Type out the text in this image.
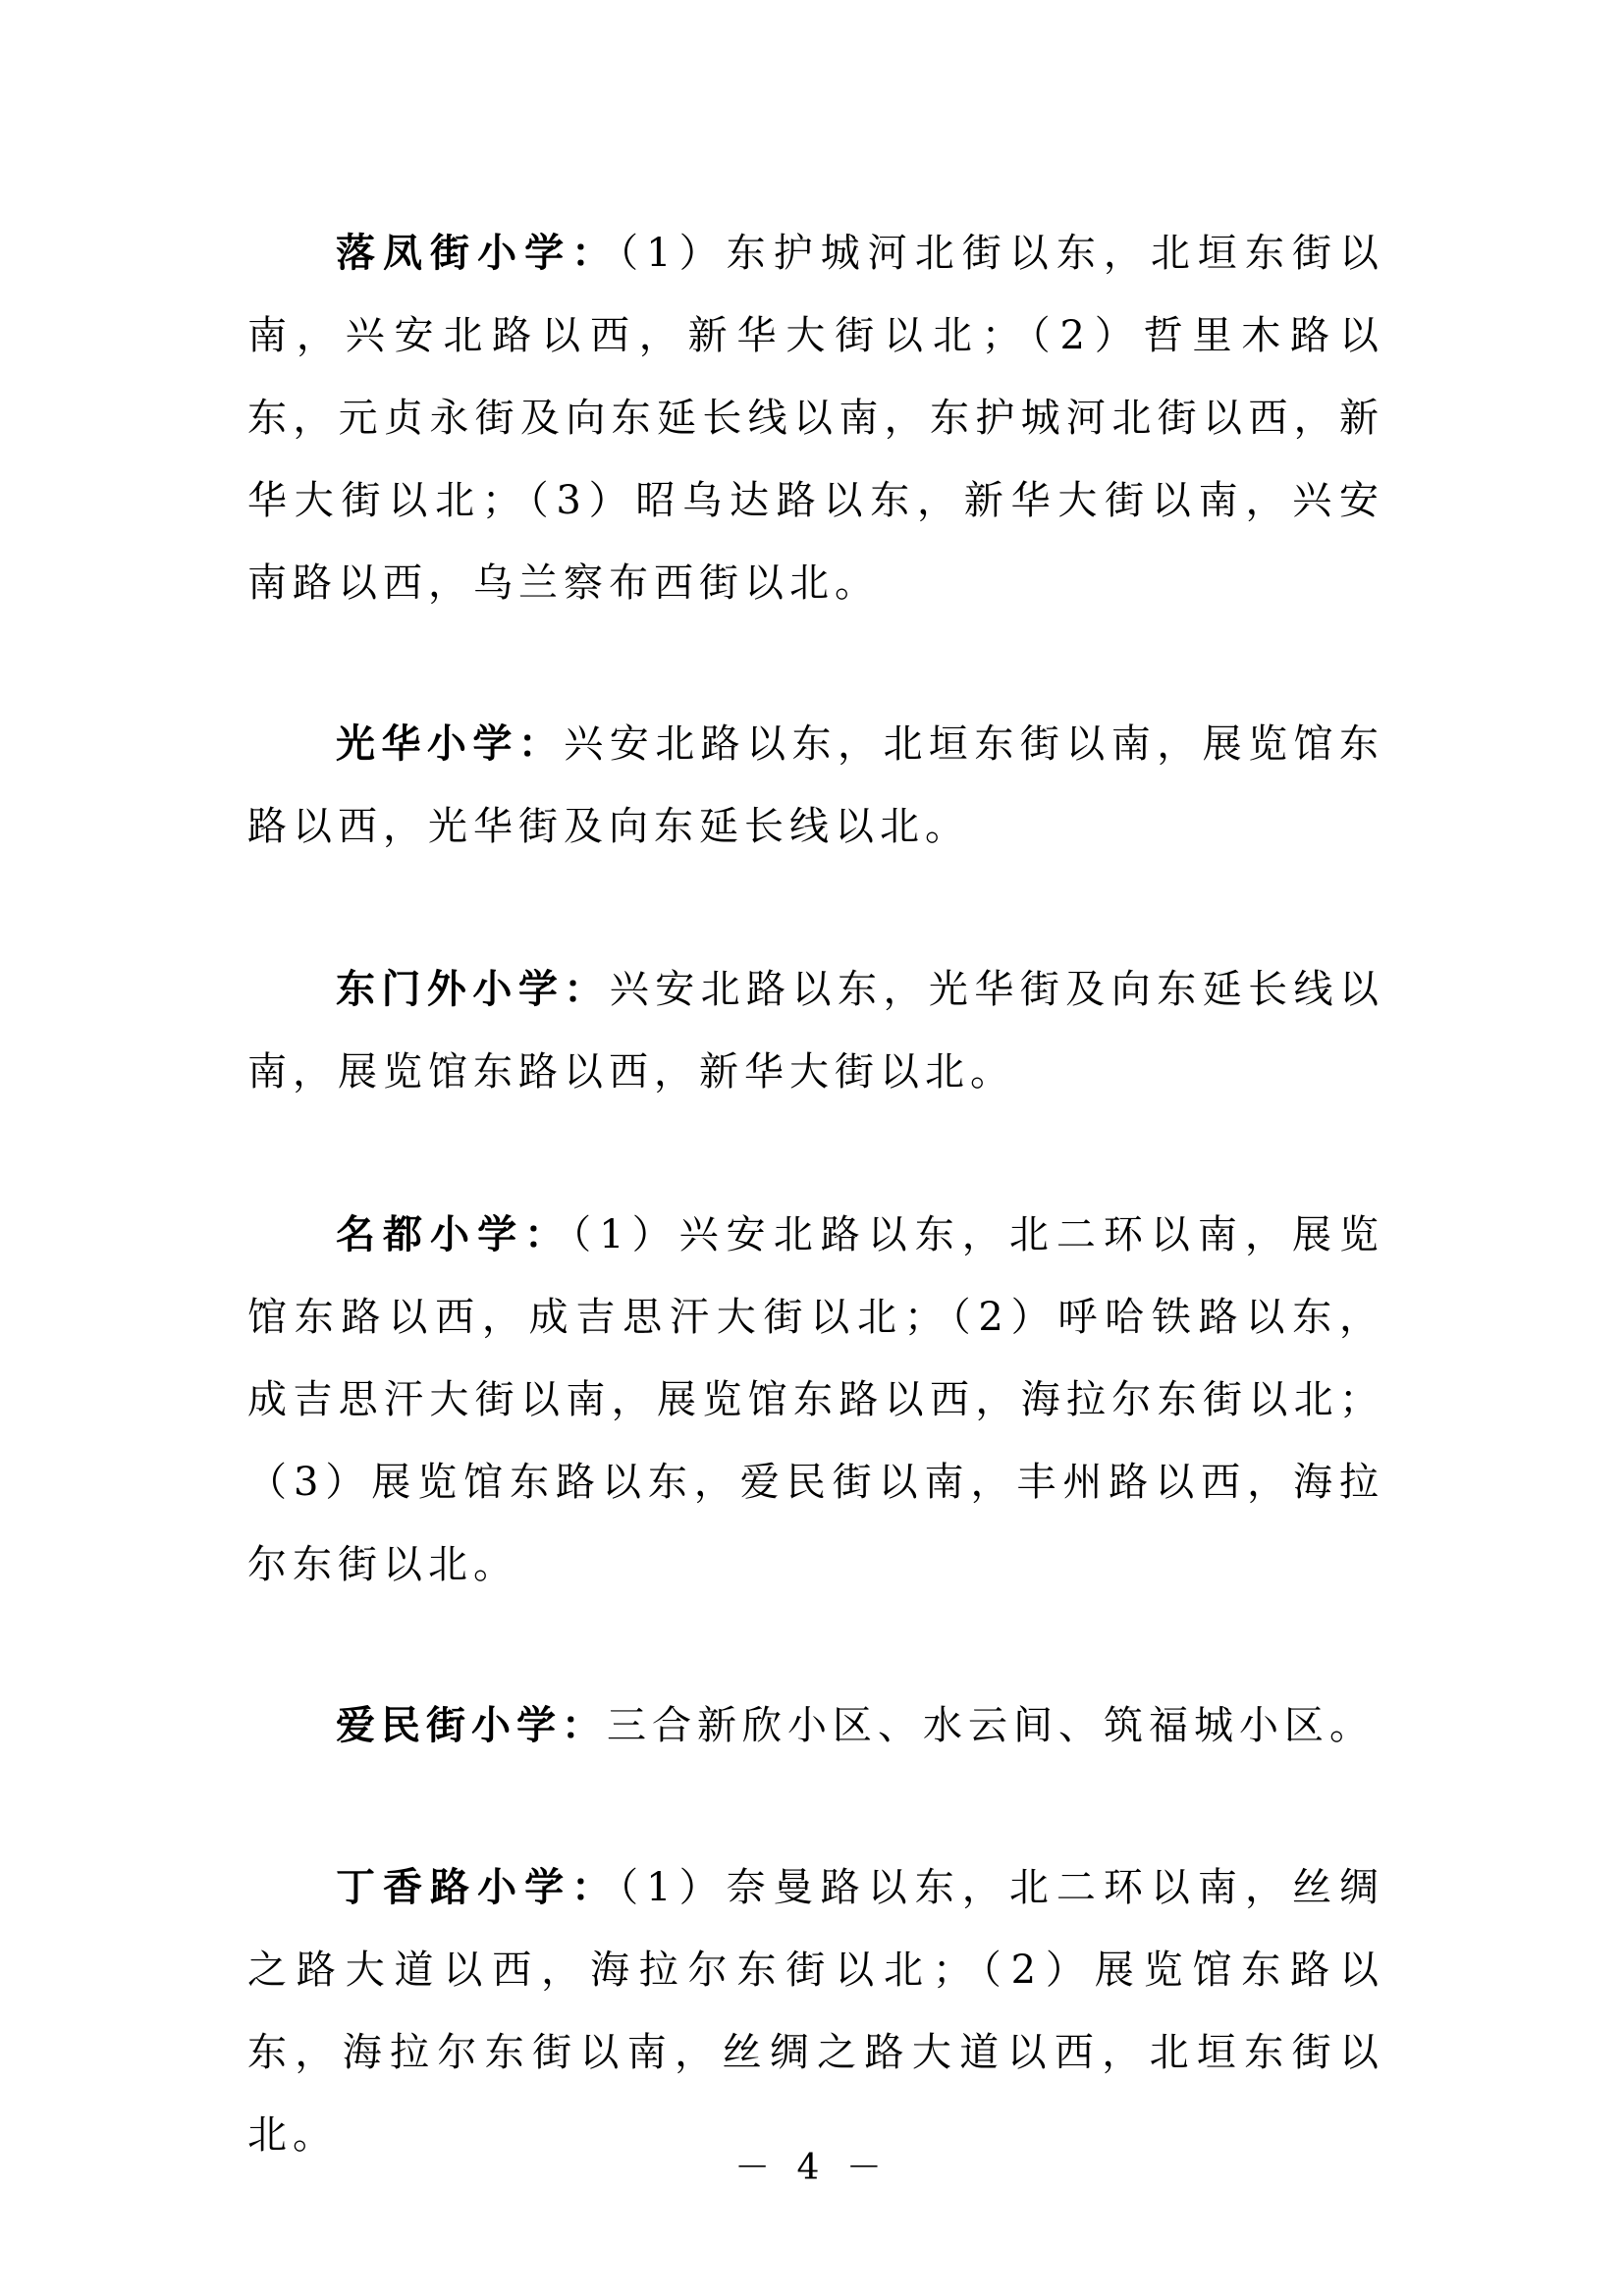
落凤街小学：（1）东护城河北街以东，北垣东街以南，兴安北路以西，新华大街以北；（2）哲里木路以东，元贞永街及向东延长线以南，东护城河北街以西，新华大街以北；（3）昭乌达路以东，新华大街以南，兴安南路以西，乌兰察布西街以北。

光华小学：兴安北路以东，北垣东街以南，展览馆东路以西，光华街及向东延长线以北。

东门外小学：兴安北路以东，光华街及向东延长线以南，展览馆东路以西，新华大街以北。

名都小学：（1）兴安北路以东，北二环以南，展览馆东路以西，成吉思汗大街以北；（2）呼哈铁路以东，成吉思汗大街以南，展览馆东路以西，海拉尔东街以北；（3）展览馆东路以东，爱民街以南，丰州路以西，海拉尔东街以北。

爱民街小学：三合新欣小区、水云间、筑福城小区。

丁香路小学：（1）奈曼路以东，北二环以南，丝绸之路大道以西，海拉尔东街以北；（2）展览馆东路以东，海拉尔东街以南，丝绸之路大道以西，北垣东街以北。

－ 4 －
